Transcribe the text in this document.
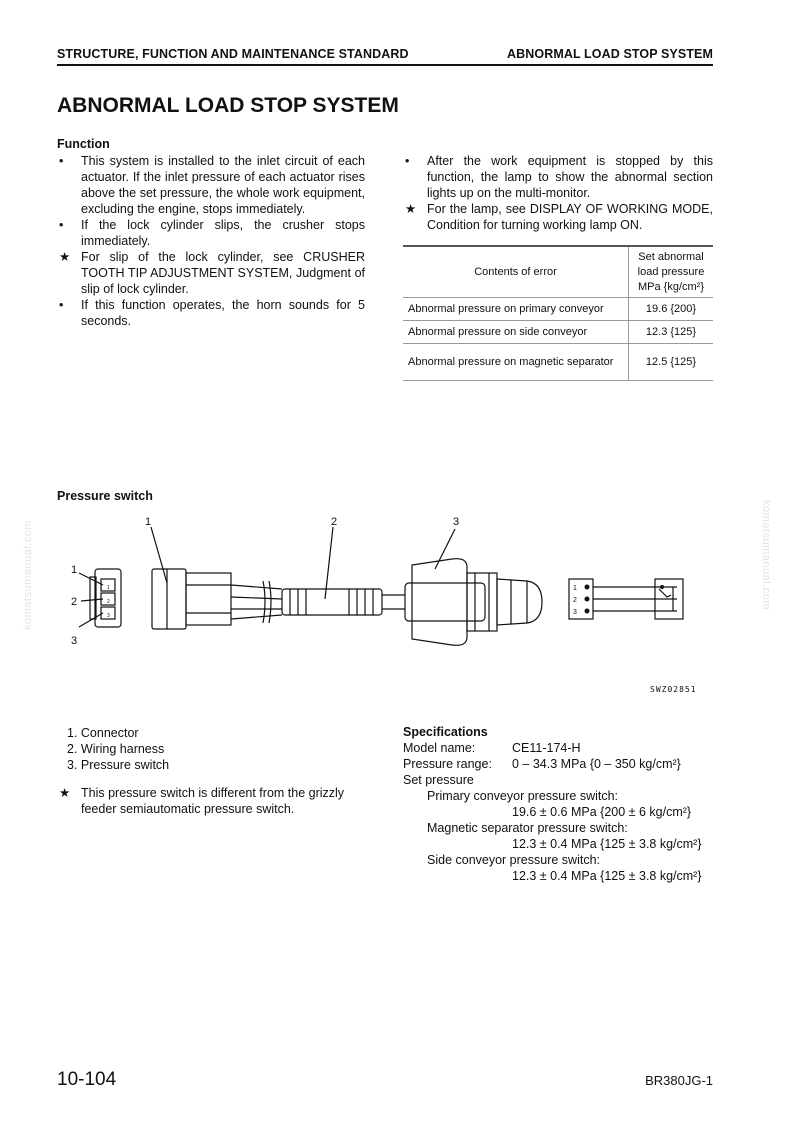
STRUCTURE, FUNCTION AND MAINTENANCE STANDARD	ABNORMAL LOAD STOP SYSTEM
ABNORMAL LOAD STOP SYSTEM
Function
•	This system is installed to the inlet circuit of each actuator. If the inlet pressure of each actuator rises above the set pressure, the whole work equipment, excluding the engine, stops immediately.
•	If the lock cylinder slips, the crusher stops immediately.
★ For slip of the lock cylinder, see CRUSHER TOOTH TIP ADJUSTMENT SYSTEM, Judgment of slip of lock cylinder.
•	If this function operates, the horn sounds for 5 seconds.
•	After the work equipment is stopped by this function, the lamp to show the abnormal section lights up on the multi-monitor.
★ For the lamp, see DISPLAY OF WORKING MODE, Condition for turning working lamp ON.
Contents of error	Set abnormal load pressure MPa {kg/cm²}
Abnormal pressure on primary conveyor	19.6 {200}
Abnormal pressure on side conveyor	12.3 {125}
Abnormal pressure on magnetic separator	12.5 {125}
komatsumanual.com	komatsumanual.com
Pressure switch
1
2
3
1	2	3
1
2
3
1
2
3
SWZ02851
1. Connector
2. Wiring harness
3. Pressure switch
★ This pressure switch is different from the grizzly feeder semiautomatic pressure switch.
Specifications
Model name:	CE11-174-H
Pressure range:	0 – 34.3 MPa {0 – 350 kg/cm²}
Set pressure
Primary conveyor pressure switch:
19.6 ± 0.6 MPa {200 ± 6 kg/cm²}
Magnetic separator pressure switch:
12.3 ± 0.4 MPa {125 ± 3.8 kg/cm²}
Side conveyor pressure switch:
12.3 ± 0.4 MPa {125 ± 3.8 kg/cm²}
10-104	BR380JG-1
